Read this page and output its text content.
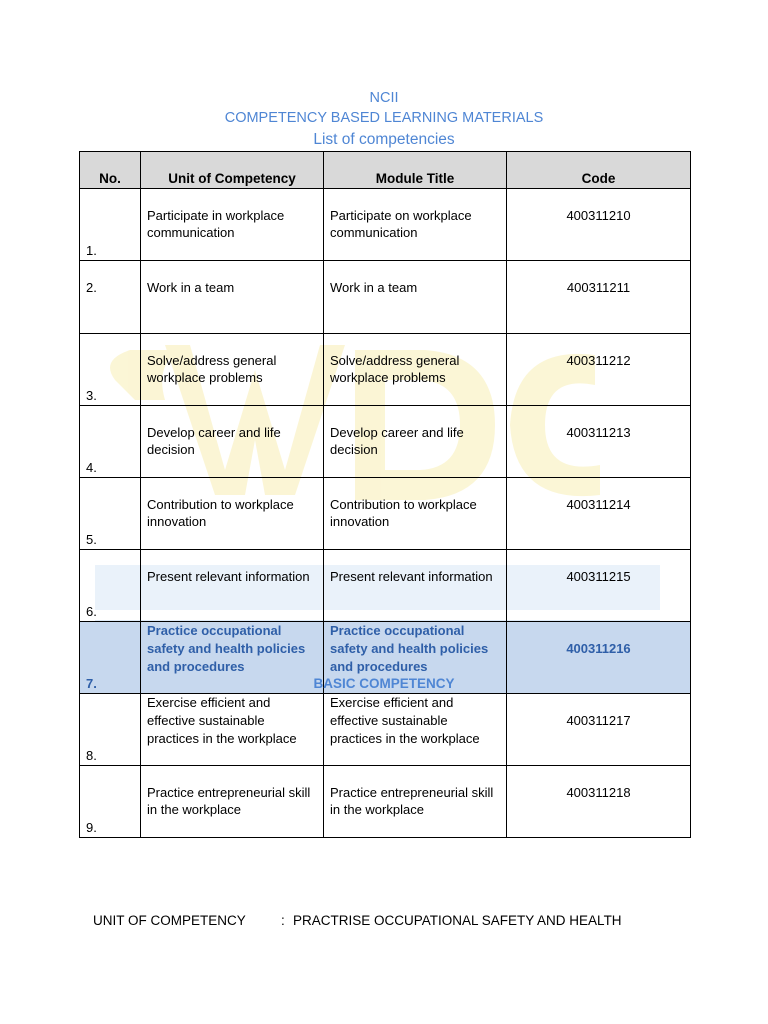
NCII
COMPETENCY BASED LEARNING MATERIALS
List of competencies
No.	Unit of Competency	Module Title	Code
1.	Participate in workplace communication	Participate on workplace communication	400311210
2.	Work in a team	Work in a team	400311211
3.	Solve/address general workplace problems	Solve/address general workplace problems	400311212
4.	Develop career and life decision	Develop career and life decision	400311213
5.	Contribution to workplace innovation	Contribution to workplace innovation	400311214
6.	Present relevant information	Present relevant information	400311215
7.	Practice occupational safety and health policies and procedures	Practice occupational safety and health policies and procedures	400311216
8.	Exercise efficient and effective sustainable practices in the workplace	Exercise efficient and effective sustainable practices in the workplace	400311217
9.	Practice entrepreneurial skill in the workplace	Practice entrepreneurial skill in the workplace	400311218
BASIC COMPETENCY
UNIT OF COMPETENCY	: PRACTRISE OCCUPATIONAL SAFETY AND HEALTH
